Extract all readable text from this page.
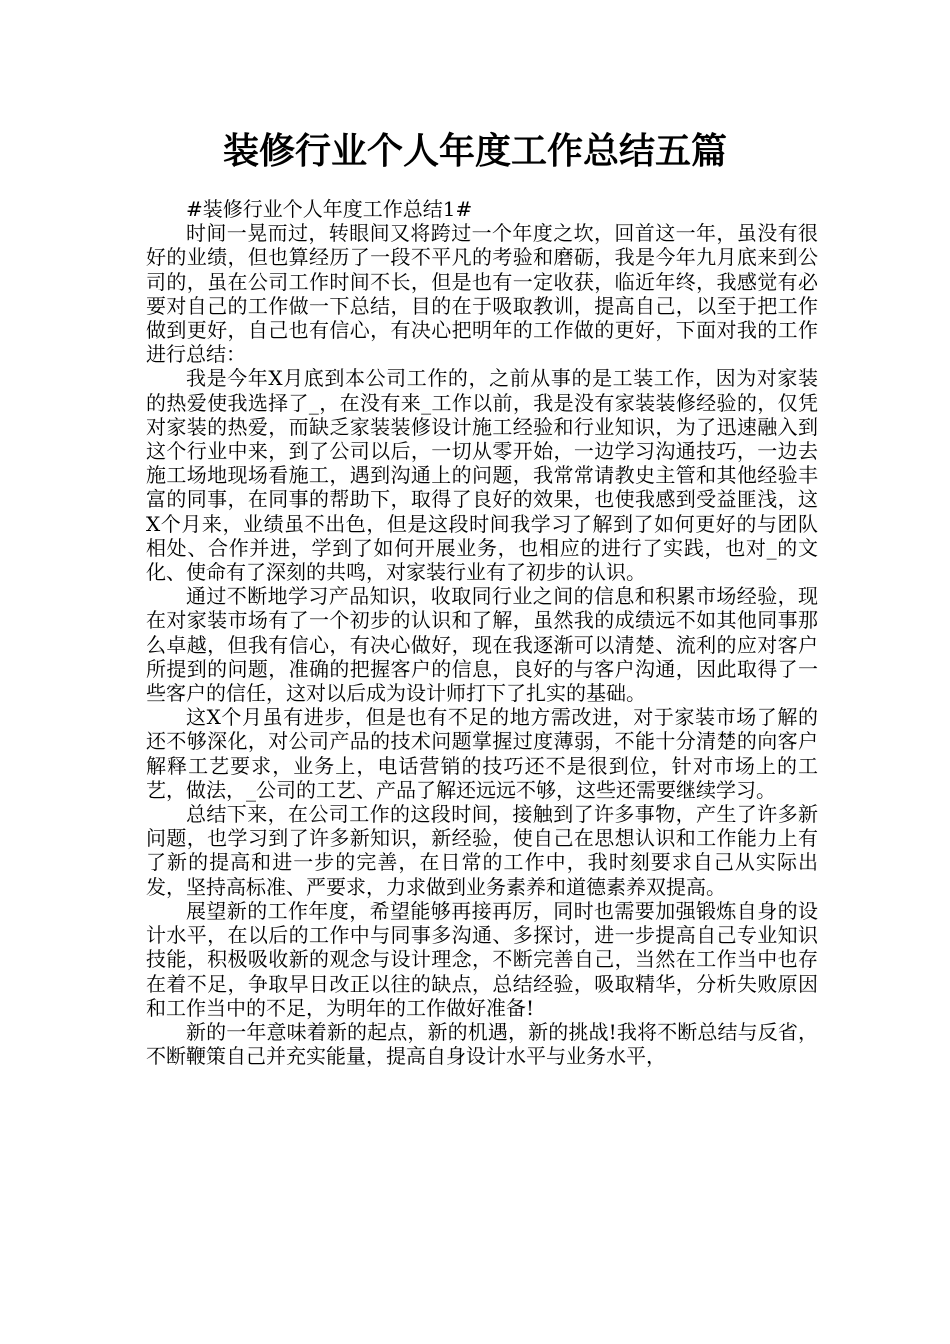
装修行业个人年度工作总结五篇

#装修行业个人年度工作总结1#

时间一晃而过，转眼间又将跨过一个年度之坎，回首这一年，虽没有很好的业绩，但也算经历了一段不平凡的考验和磨砺，我是今年九月底来到公司的，虽在公司工作时间不长，但是也有一定收获，临近年终，我感觉有必要对自己的工作做一下总结，目的在于吸取教训，提高自己，以至于把工作做到更好，自己也有信心，有决心把明年的工作做的更好，下面对我的工作进行总结：

我是今年X月底到本公司工作的，之前从事的是工装工作，因为对家装的热爱使我选择了_，在没有来_工作以前，我是没有家装装修经验的，仅凭对家装的热爱，而缺乏家装装修设计施工经验和行业知识，为了迅速融入到这个行业中来，到了公司以后，一切从零开始，一边学习沟通技巧，一边去施工场地现场看施工，遇到沟通上的问题，我常常请教史主管和其他经验丰富的同事，在同事的帮助下，取得了良好的效果，也使我感到受益匪浅，这X个月来，业绩虽不出色，但是这段时间我学习了解到了如何更好的与团队相处、合作并进，学到了如何开展业务，也相应的进行了实践，也对_的文化、使命有了深刻的共鸣，对家装行业有了初步的认识。

通过不断地学习产品知识，收取同行业之间的信息和积累市场经验，现在对家装市场有了一个初步的认识和了解，虽然我的成绩远不如其他同事那么卓越，但我有信心，有决心做好，现在我逐渐可以清楚、流利的应对客户所提到的问题，准确的把握客户的信息，良好的与客户沟通，因此取得了一些客户的信任，这对以后成为设计师打下了扎实的基础。

这X个月虽有进步，但是也有不足的地方需改进，对于家装市场了解的还不够深化，对公司产品的技术问题掌握过度薄弱，不能十分清楚的向客户解释工艺要求，业务上，电话营销的技巧还不是很到位，针对市场上的工艺，做法，_公司的工艺、产品了解还远远不够，这些还需要继续学习。

总结下来，在公司工作的这段时间，接触到了许多事物，产生了许多新问题，也学习到了许多新知识，新经验，使自己在思想认识和工作能力上有了新的提高和进一步的完善，在日常的工作中，我时刻要求自己从实际出发，坚持高标准、严要求，力求做到业务素养和道德素养双提高。

展望新的工作年度，希望能够再接再厉，同时也需要加强锻炼自身的设计水平，在以后的工作中与同事多沟通、多探讨，进一步提高自己专业知识技能，积极吸收新的观念与设计理念，不断完善自己，当然在工作当中也存在着不足，争取早日改正以往的缺点，总结经验，吸取精华，分析失败原因和工作当中的不足，为明年的工作做好准备!

新的一年意味着新的起点，新的机遇，新的挑战!我将不断总结与反省，不断鞭策自己并充实能量，提高自身设计水平与业务水平，
